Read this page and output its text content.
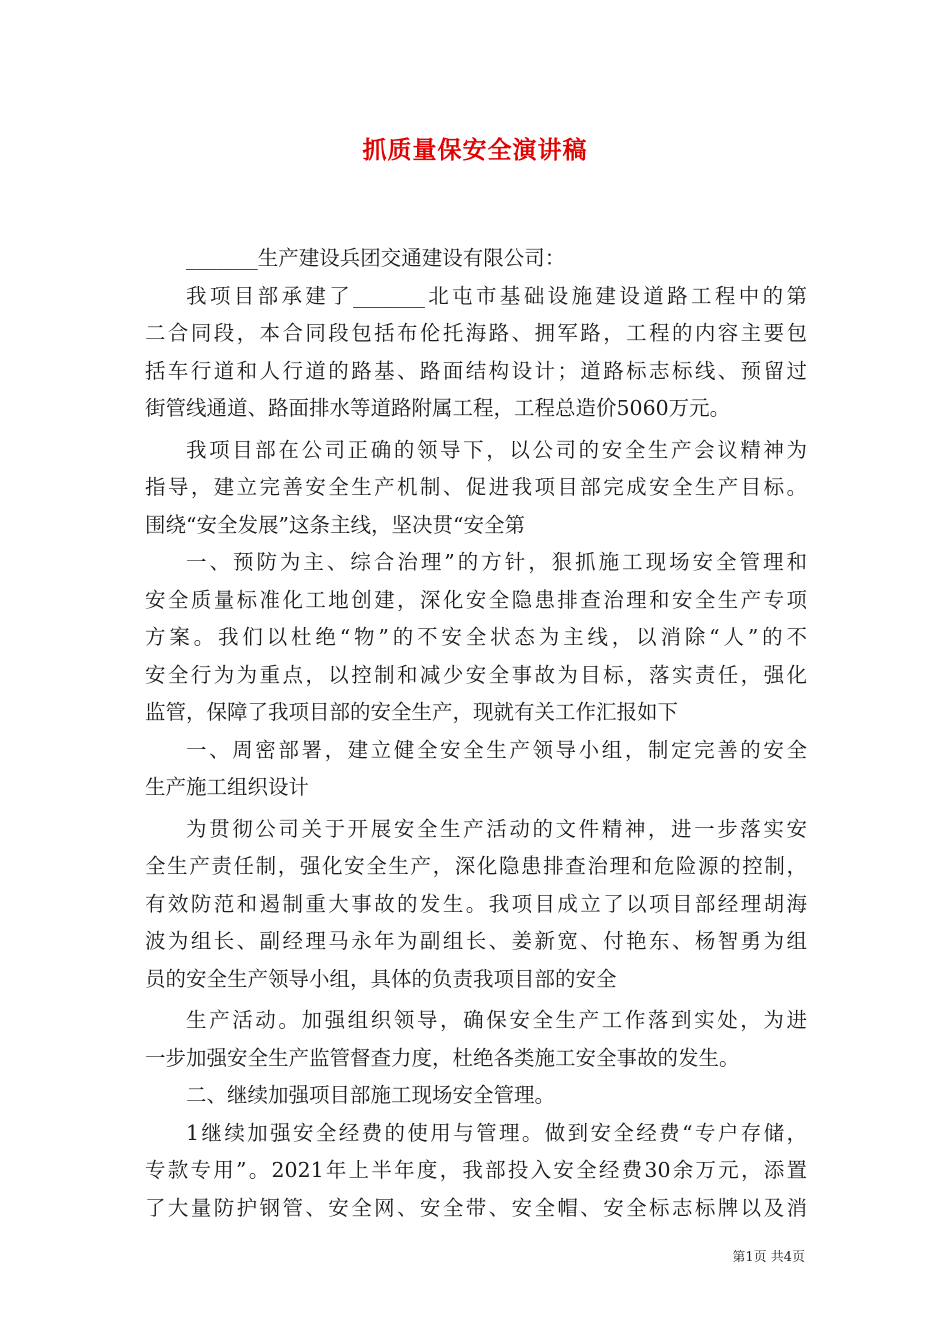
抓质量保安全演讲稿
_______生产建设兵团交通建设有限公司：
我项目部承建了_______北屯市基础设施建设道路工程中的第
二合同段，本合同段包括布伦托海路、拥军路，工程的内容主要包
括车行道和人行道的路基、路面结构设计；道路标志标线、预留过
街管线通道、路面排水等道路附属工程，工程总造价5060万元。
我项目部在公司正确的领导下，以公司的安全生产会议精神为
指导，建立完善安全生产机制、促进我项目部完成安全生产目标。
围绕“安全发展”这条主线，坚决贯“安全第
一、预防为主、综合治理”的方针，狠抓施工现场安全管理和
安全质量标准化工地创建，深化安全隐患排查治理和安全生产专项
方案。我们以杜绝“物”的不安全状态为主线，以消除“人”的不
安全行为为重点，以控制和减少安全事故为目标，落实责任，强化
监管，保障了我项目部的安全生产，现就有关工作汇报如下
一、周密部署，建立健全安全生产领导小组，制定完善的安全
生产施工组织设计
为贯彻公司关于开展安全生产活动的文件精神，进一步落实安
全生产责任制，强化安全生产，深化隐患排查治理和危险源的控制，
有效防范和遏制重大事故的发生。我项目成立了以项目部经理胡海
波为组长、副经理马永年为副组长、姜新宽、付艳东、杨智勇为组
员的安全生产领导小组，具体的负责我项目部的安全
生产活动。加强组织领导，确保安全生产工作落到实处，为进
一步加强安全生产监管督查力度，杜绝各类施工安全事故的发生。
二、继续加强项目部施工现场安全管理。
1继续加强安全经费的使用与管理。做到安全经费“专户存储，
专款专用”。2021年上半年度，我部投入安全经费30余万元，添置
了大量防护钢管、安全网、安全带、安全帽、安全标志标牌以及消
第1页 共4页
